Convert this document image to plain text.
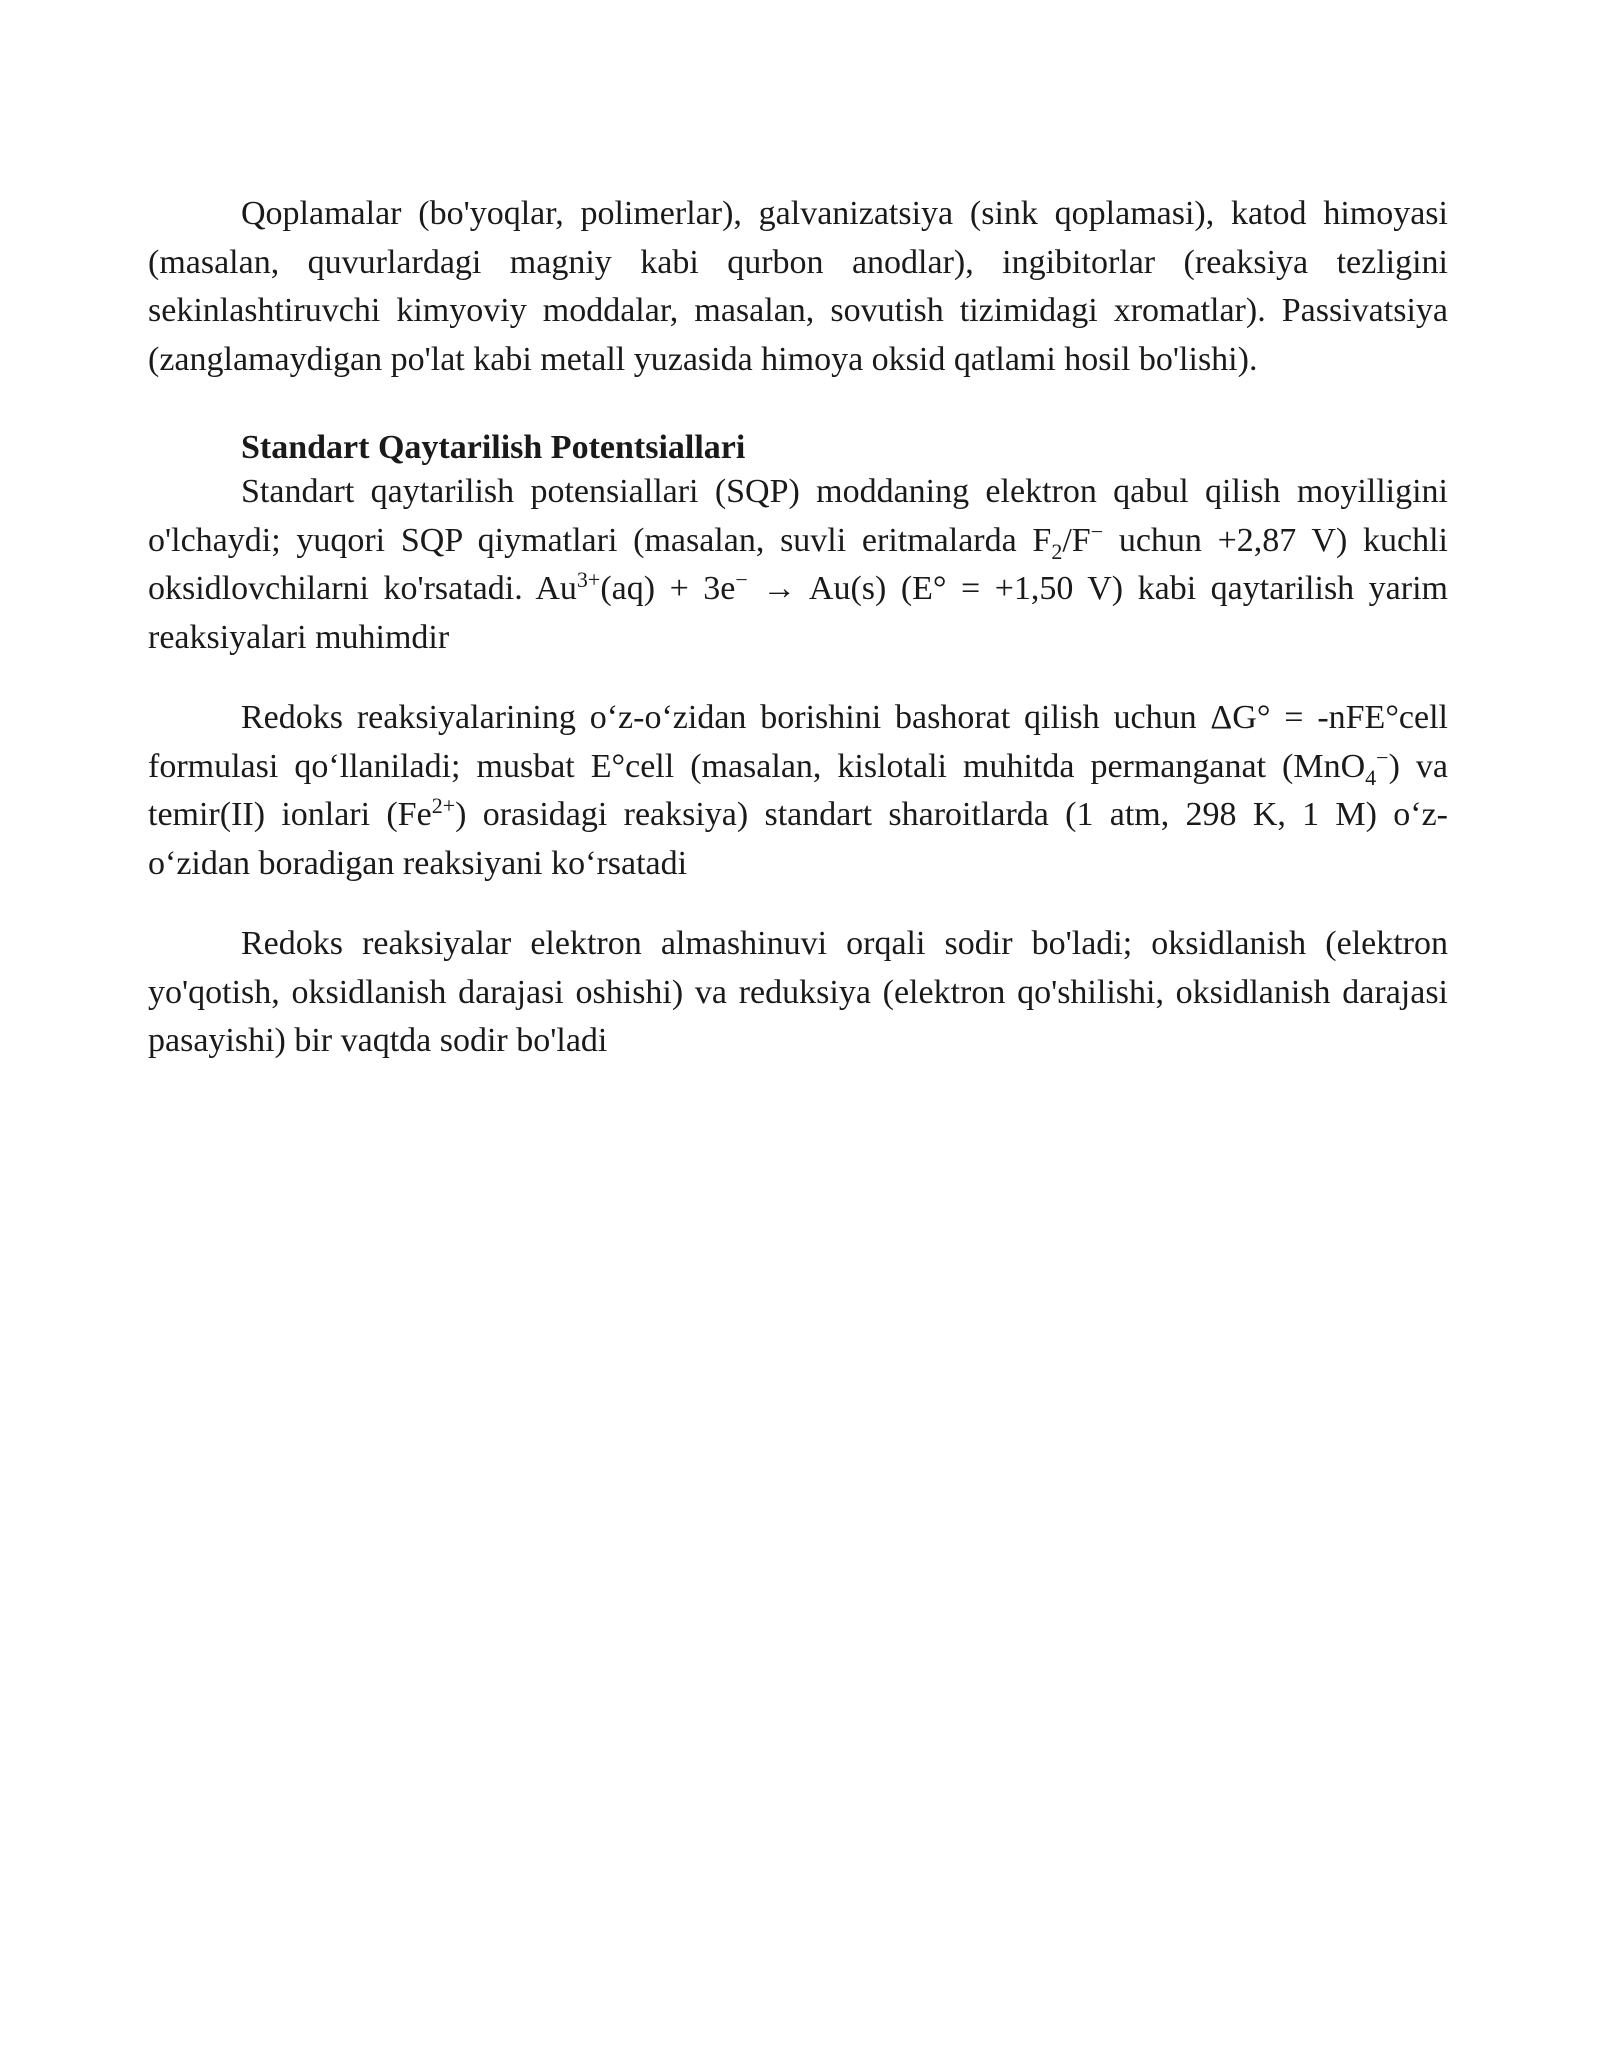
Qoplamalar (bo'yoqlar, polimerlar), galvanizatsiya (sink qoplamasi), katod himoyasi (masalan, quvurlardagi magniy kabi qurbon anodlar), ingibitorlar (reaksiya tezligini sekinlashtiruvchi kimyoviy moddalar, masalan, sovutish tizimidagi xromatlar). Passivatsiya (zanglamaydigan po'lat kabi metall yuzasida himoya oksid qatlami hosil bo'lishi).

Standart Qaytarilish Potentsiallari

Standart qaytarilish potensiallari (SQP) moddaning elektron qabul qilish moyilligini o'lchaydi; yuqori SQP qiymatlari (masalan, suvli eritmalarda $F_2/F^-$ uchun +2,87 V) kuchli oksidlovchilarni ko'rsatadi. $Au^{3+}(aq) + 3e^- \to Au(s) (E^\circ = +1,50$ V) kabi qaytarilish yarim reaksiyalari muhimdir

Redoks reaksiyalarining o‘z-o‘zidan borishini bashorat qilish uchun ΔG° = -nFE°cell formulasi qo‘llaniladi; musbat E°cell (masalan, kislotali muhitda permanganat (MnO$_4$−) va temir(II) ionlari $(Fe^{2+})$ orasidagi reaksiya) standart sharoitlarda (1 atm, 298 K, 1 M) o‘z-o‘zidan boradigan reaksiyani ko‘rsatadi

Redoks reaksiyalar elektron almashinuvi orqali sodir bo'ladi; oksidlanish (elektron yo'qotish, oksidlanish darajasi oshishi) va reduksiya (elektron qo'shilishi, oksidlanish darajasi pasayishi) bir vaqtda sodir bo'ladi
